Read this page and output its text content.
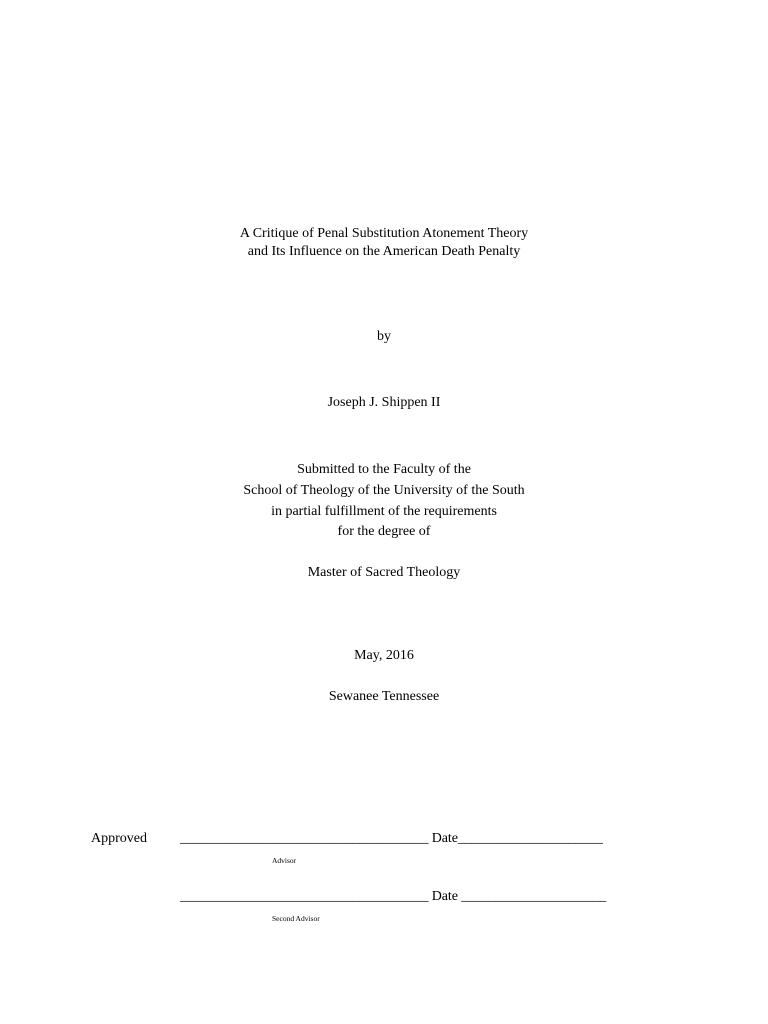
A Critique of Penal Substitution Atonement Theory
and Its Influence on the American Death Penalty
by
Joseph J. Shippen II
Submitted to the Faculty of the
School of Theology of the University of the South
in partial fulfillment of the requirements
for the degree of
Master of Sacred Theology
May, 2016
Sewanee Tennessee
Approved ____________________________________ Date_____________________
Advisor
____________________________________ Date _____________________
Second Advisor
